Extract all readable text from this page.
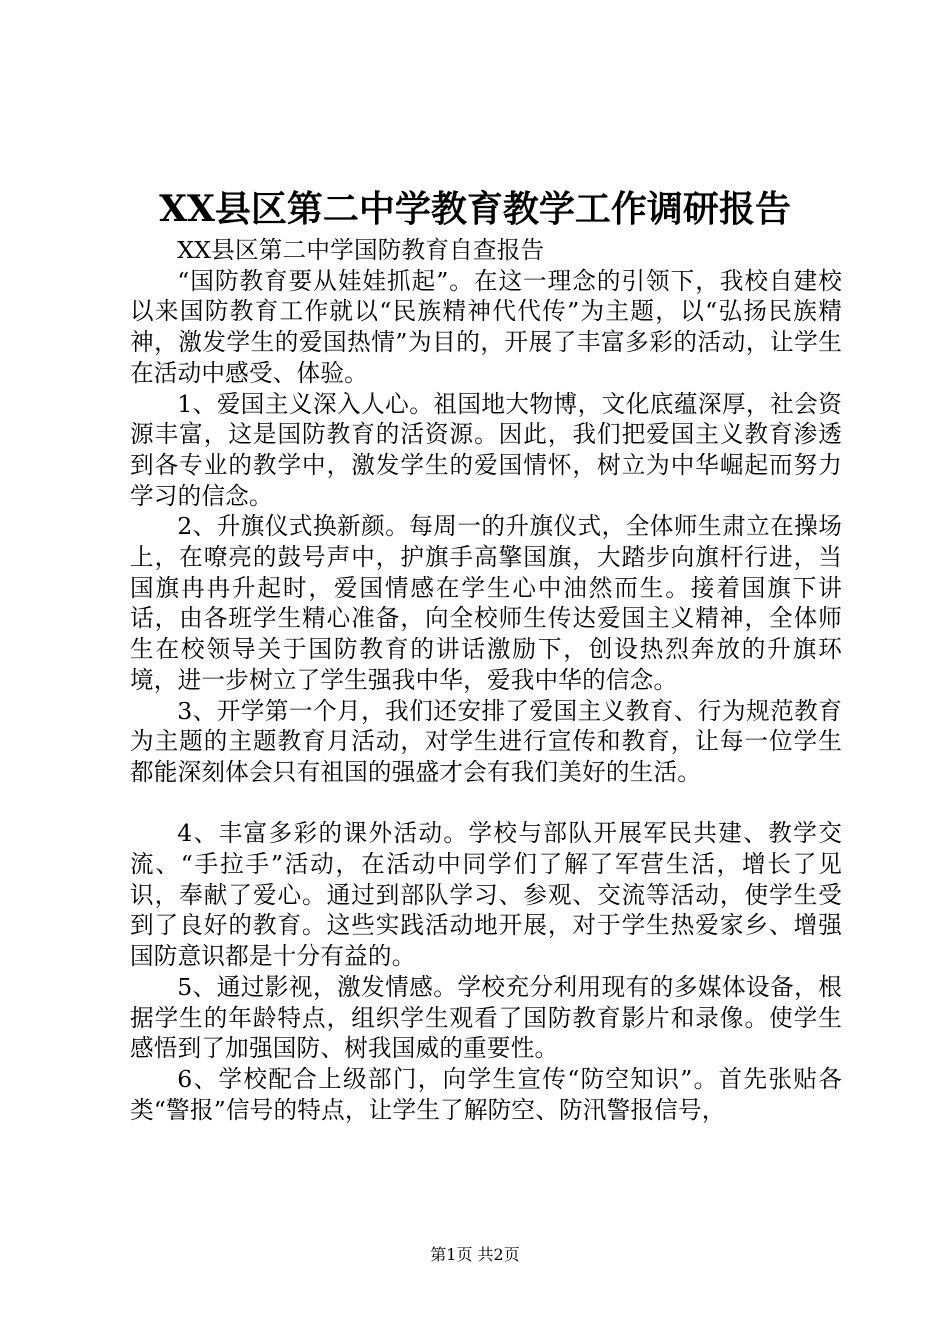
XX县区第二中学教育教学工作调研报告

XX县区第二中学国防教育自查报告

“国防教育要从娃娃抓起”。在这一理念的引领下，我校自建校以来国防教育工作就以“民族精神代代传”为主题，以“弘扬民族精神，激发学生的爱国热情”为目的，开展了丰富多彩的活动，让学生在活动中感受、体验。

1、爱国主义深入人心。祖国地大物博，文化底蕴深厚，社会资源丰富，这是国防教育的活资源。因此，我们把爱国主义教育渗透到各专业的教学中，激发学生的爱国情怀，树立为中华崛起而努力学习的信念。

2、升旗仪式换新颜。每周一的升旗仪式，全体师生肃立在操场上，在嘹亮的鼓号声中，护旗手高擎国旗，大踏步向旗杆行进，当国旗冉冉升起时，爱国情感在学生心中油然而生。接着国旗下讲话，由各班学生精心准备，向全校师生传达爱国主义精神，全体师生在校领导关于国防教育的讲话激励下，创设热烈奔放的升旗环境，进一步树立了学生强我中华，爱我中华的信念。

3、开学第一个月，我们还安排了爱国主义教育、行为规范教育为主题的主题教育月活动，对学生进行宣传和教育，让每一位学生都能深刻体会只有祖国的强盛才会有我们美好的生活。

4、丰富多彩的课外活动。学校与部队开展军民共建、教学交流、“手拉手”活动，在活动中同学们了解了军营生活，增长了见识，奉献了爱心。通过到部队学习、参观、交流等活动，使学生受到了良好的教育。这些实践活动地开展，对于学生热爱家乡、增强国防意识都是十分有益的。

5、通过影视，激发情感。学校充分利用现有的多媒体设备，根据学生的年龄特点，组织学生观看了国防教育影片和录像。使学生感悟到了加强国防、树我国威的重要性。

6、学校配合上级部门，向学生宣传“防空知识”。首先张贴各类“警报”信号的特点，让学生了解防空、防汛警报信号，

第1页 共2页
